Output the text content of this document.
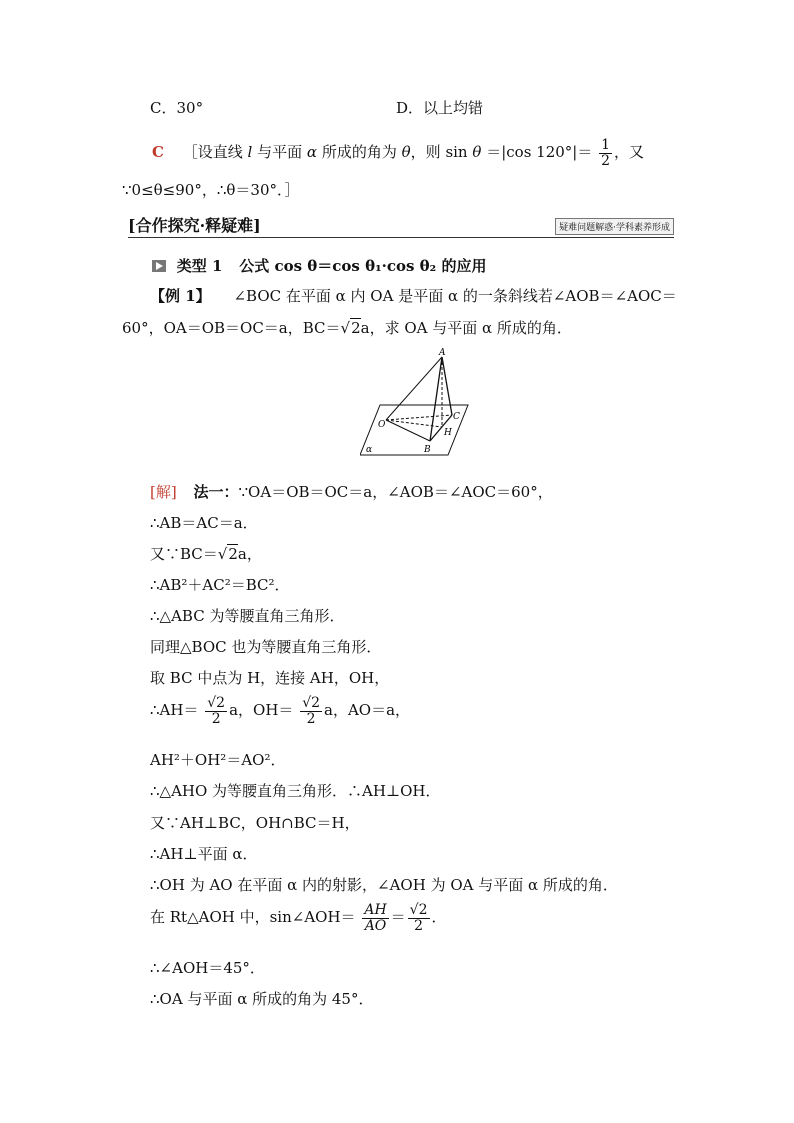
C．30°	D．以上均错
C ［设直线 l 与平面 α 所成的角为 θ，则 sin θ ＝|cos $120^\circ|= \frac{1}{2}$ ，又
∵0≤θ≤90°，∴θ＝30°．］
[合作探究·释疑难]	疑难问题解惑·学科素养形成
类型 1 公式 cos θ＝cos θ₁·cos θ₂ 的应用
【例 1】 ∠BOC 在平面 α 内 OA 是平面 α 的一条斜线若∠AOB＝∠AOC＝
60°，OA＝OB＝OC＝a，BC＝√2a，求 OA 与平面 α 所成的角．
A
O
B
C
H
α
[解] 法一：∵OA＝OB＝OC＝a，∠AOB＝∠AOC＝60°，
∴AB＝AC＝a．
又∵BC＝√2a，
∴AB²＋AC²＝BC²．
∴△ABC 为等腰直角三角形．
同理△BOC 也为等腰直角三角形．
取 BC 中点为 H，连接 AH，OH，
∴AH＝ $\frac{√2}{2}$ a，$OH= \frac{√2}{2}$ a，AO＝a，
AH²＋OH²＝AO²．
∴△AHO 为等腰直角三角形．∴AH⊥OH．
又∵AH⊥BC，OH∩BC＝H，
∴AH⊥平面 α．
∴OH 为 AO 在平面 α 内的射影，∠AOH 为 OA 与平面 α 所成的角．
在 Rt△AOH 中，sin∠AOH＝ $\frac{AH}{AO} = \frac{√2}{2}$ ．
∴∠AOH＝45°．
∴OA 与平面 α 所成的角为 45°．
